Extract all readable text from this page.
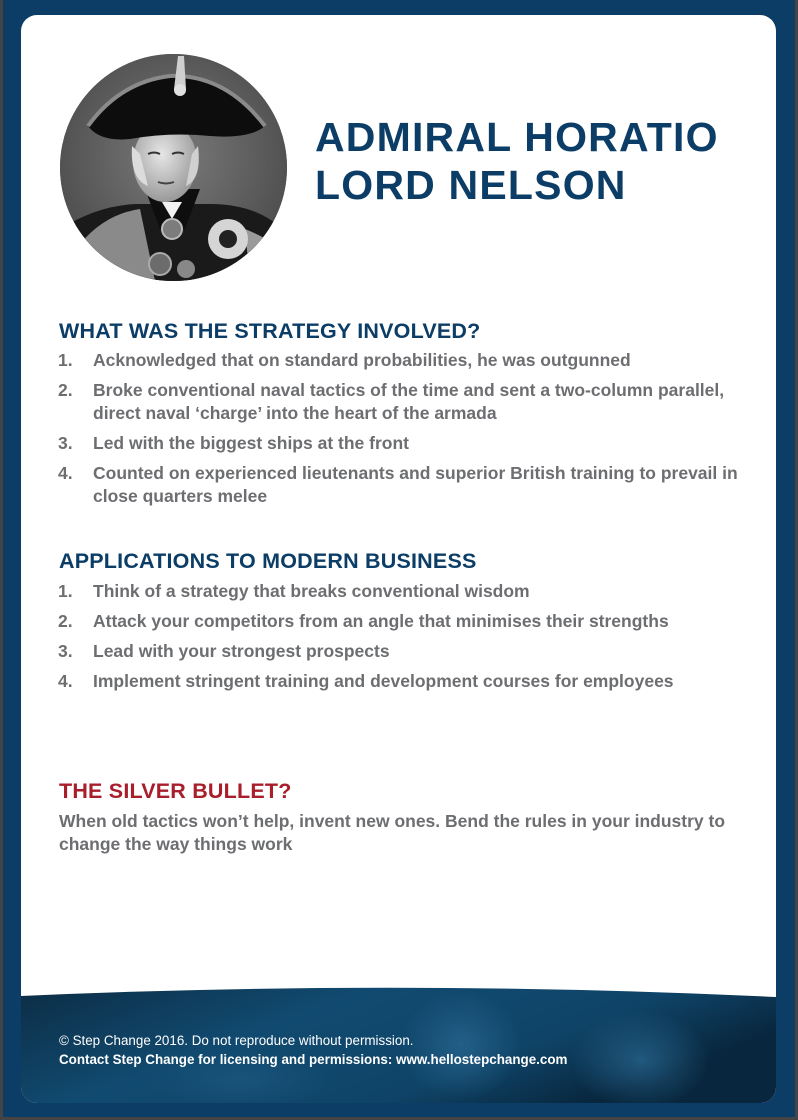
ADMIRAL HORATIO
LORD NELSON
WHAT WAS THE STRATEGY INVOLVED?
1. Acknowledged that on standard probabilities, he was outgunned
2. Broke conventional naval tactics of the time and sent a two-column parallel, direct naval ‘charge’ into the heart of the armada
3. Led with the biggest ships at the front
4. Counted on experienced lieutenants and superior British training to prevail in close quarters melee
APPLICATIONS TO MODERN BUSINESS
1. Think of a strategy that breaks conventional wisdom
2. Attack your competitors from an angle that minimises their strengths
3. Lead with your strongest prospects
4. Implement stringent training and development courses for employees
THE SILVER BULLET?

When old tactics won’t help, invent new ones. Bend the rules in your industry to change the way things work

© Step Change 2016. Do not reproduce without permission.
Contact Step Change for licensing and permissions: www.hellostepchange.com
